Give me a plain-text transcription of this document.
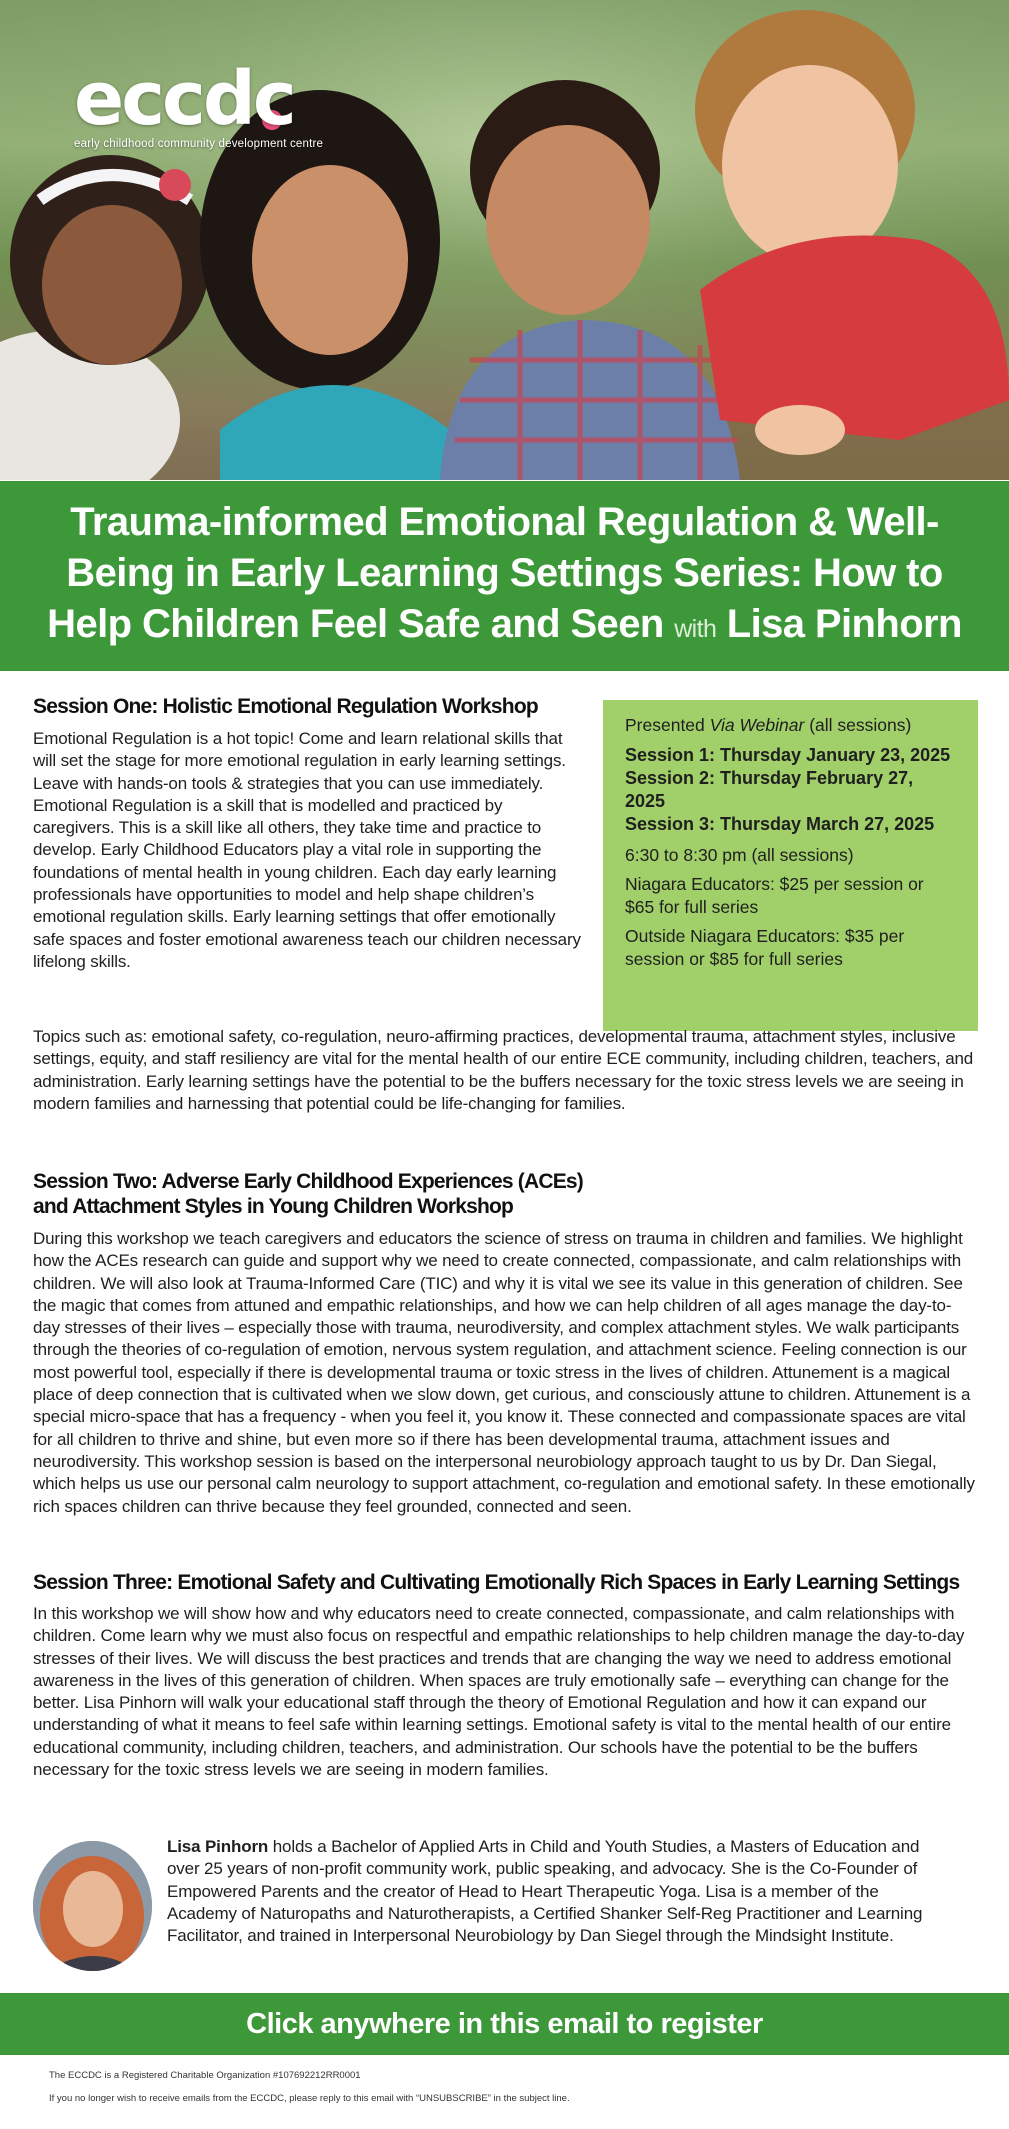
eccdc
early childhood community development centre
Trauma-informed Emotional Regulation & Well-Being in Early Learning Settings Series: How to Help Children Feel Safe and Seen with Lisa Pinhorn
Session One: Holistic Emotional Regulation Workshop

Emotional Regulation is a hot topic! Come and learn relational skills that will set the stage for more emotional regulation in early learning settings. Leave with hands-on tools & strategies that you can use immediately. Emotional Regulation is a skill that is modelled and practiced by caregivers. This is a skill like all others, they take time and practice to develop. Early Childhood Educators play a vital role in supporting the foundations of mental health in young children. Each day early learning professionals have opportunities to model and help shape children’s emotional regulation skills. Early learning settings that offer emotionally safe spaces and foster emotional awareness teach our children necessary lifelong skills.

Presented Via Webinar (all sessions)

Session 1: Thursday January 23, 2025

Session 2: Thursday February 27, 2025

Session 3: Thursday March 27, 2025

6:30 to 8:30 pm (all sessions)

Niagara Educators: $25 per session or $65 for full series

Outside Niagara Educators: $35 per session or $85 for full series

Topics such as: emotional safety, co-regulation, neuro-affirming practices, developmental trauma, attachment styles, inclusive settings, equity, and staff resiliency are vital for the mental health of our entire ECE community, including children, teachers, and administration. Early learning settings have the potential to be the buffers necessary for the toxic stress levels we are seeing in modern families and harnessing that potential could be life-changing for families.

Session Two: Adverse Early Childhood Experiences (ACEs)
and Attachment Styles in Young Children Workshop

During this workshop we teach caregivers and educators the science of stress on trauma in children and families. We highlight how the ACEs research can guide and support why we need to create connected, compassionate, and calm relationships with children. We will also look at Trauma-Informed Care (TIC) and why it is vital we see its value in this generation of children. See the magic that comes from attuned and empathic relationships, and how we can help children of all ages manage the day-to-day stresses of their lives – especially those with trauma, neurodiversity, and complex attachment styles. We walk participants through the theories of co-regulation of emotion, nervous system regulation, and attachment science. Feeling connection is our most powerful tool, especially if there is developmental trauma or toxic stress in the lives of children. Attunement is a magical place of deep connection that is cultivated when we slow down, get curious, and consciously attune to children. Attunement is a special micro-space that has a frequency - when you feel it, you know it. These connected and compassionate spaces are vital for all children to thrive and shine, but even more so if there has been developmental trauma, attachment issues and neurodiversity. This workshop session is based on the interpersonal neurobiology approach taught to us by Dr. Dan Siegal, which helps us use our personal calm neurology to support attachment, co-regulation and emotional safety. In these emotionally rich spaces children can thrive because they feel grounded, connected and seen.

Session Three: Emotional Safety and Cultivating Emotionally Rich Spaces in Early Learning Settings

In this workshop we will show how and why educators need to create connected, compassionate, and calm relationships with children. Come learn why we must also focus on respectful and empathic relationships to help children manage the day-to-day stresses of their lives. We will discuss the best practices and trends that are changing the way we need to address emotional awareness in the lives of this generation of children. When spaces are truly emotionally safe – everything can change for the better. Lisa Pinhorn will walk your educational staff through the theory of Emotional Regulation and how it can expand our understanding of what it means to feel safe within learning settings. Emotional safety is vital to the mental health of our entire educational community, including children, teachers, and administration. Our schools have the potential to be the buffers necessary for the toxic stress levels we are seeing in modern families.

Lisa Pinhorn holds a Bachelor of Applied Arts in Child and Youth Studies, a Masters of Education and over 25 years of non-profit community work, public speaking, and advocacy. She is the Co-Founder of Empowered Parents and the creator of Head to Heart Therapeutic Yoga. Lisa is a member of the Academy of Naturopaths and Naturotherapists, a Certified Shanker Self-Reg Practitioner and Learning Facilitator, and trained in Interpersonal Neurobiology by Dan Siegel through the Mindsight Institute.

Click anywhere in this email to register

The ECCDC is a Registered Charitable Organization #107692212RR0001

If you no longer wish to receive emails from the ECCDC, please reply to this email with “UNSUBSCRIBE” in the subject line.
